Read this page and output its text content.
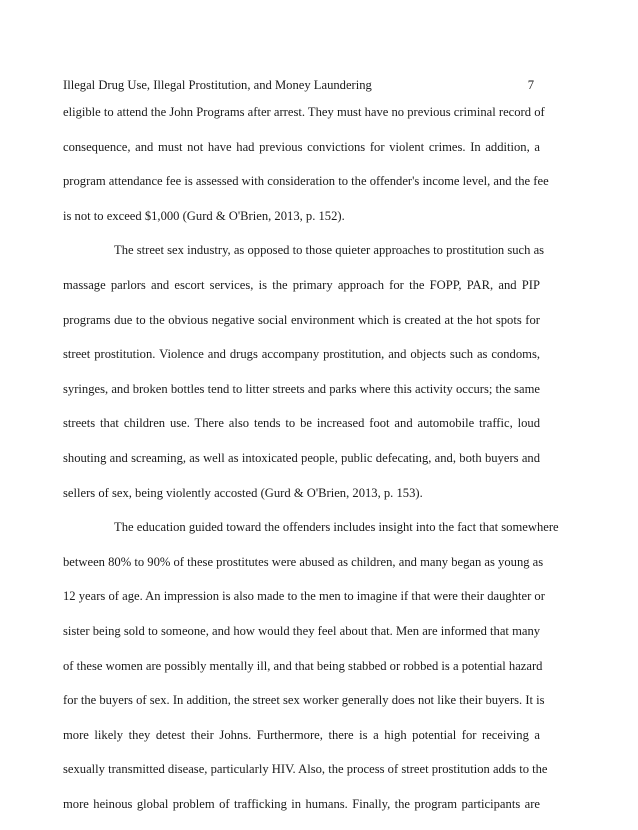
Illegal Drug Use, Illegal Prostitution, and Money Laundering	7
eligible to attend the John Programs after arrest. They must have no previous criminal record of
consequence, and must not have had previous convictions for violent crimes. In addition, a
program attendance fee is assessed with consideration to the offender's income level, and the fee
is not to exceed $1,000 (Gurd & O'Brien, 2013, p. 152).
The street sex industry, as opposed to those quieter approaches to prostitution such as
massage parlors and escort services, is the primary approach for the FOPP, PAR, and PIP
programs due to the obvious negative social environment which is created at the hot spots for
street prostitution. Violence and drugs accompany prostitution, and objects such as condoms,
syringes, and broken bottles tend to litter streets and parks where this activity occurs; the same
streets that children use. There also tends to be increased foot and automobile traffic, loud
shouting and screaming, as well as intoxicated people, public defecating, and, both buyers and
sellers of sex, being violently accosted (Gurd & O'Brien, 2013, p. 153).
The education guided toward the offenders includes insight into the fact that somewhere
between 80% to 90% of these prostitutes were abused as children, and many began as young as
12 years of age. An impression is also made to the men to imagine if that were their daughter or
sister being sold to someone, and how would they feel about that. Men are informed that many
of these women are possibly mentally ill, and that being stabbed or robbed is a potential hazard
for the buyers of sex. In addition, the street sex worker generally does not like their buyers. It is
more likely they detest their Johns. Furthermore, there is a high potential for receiving a
sexually transmitted disease, particularly HIV. Also, the process of street prostitution adds to the
more heinous global problem of trafficking in humans. Finally, the program participants are
